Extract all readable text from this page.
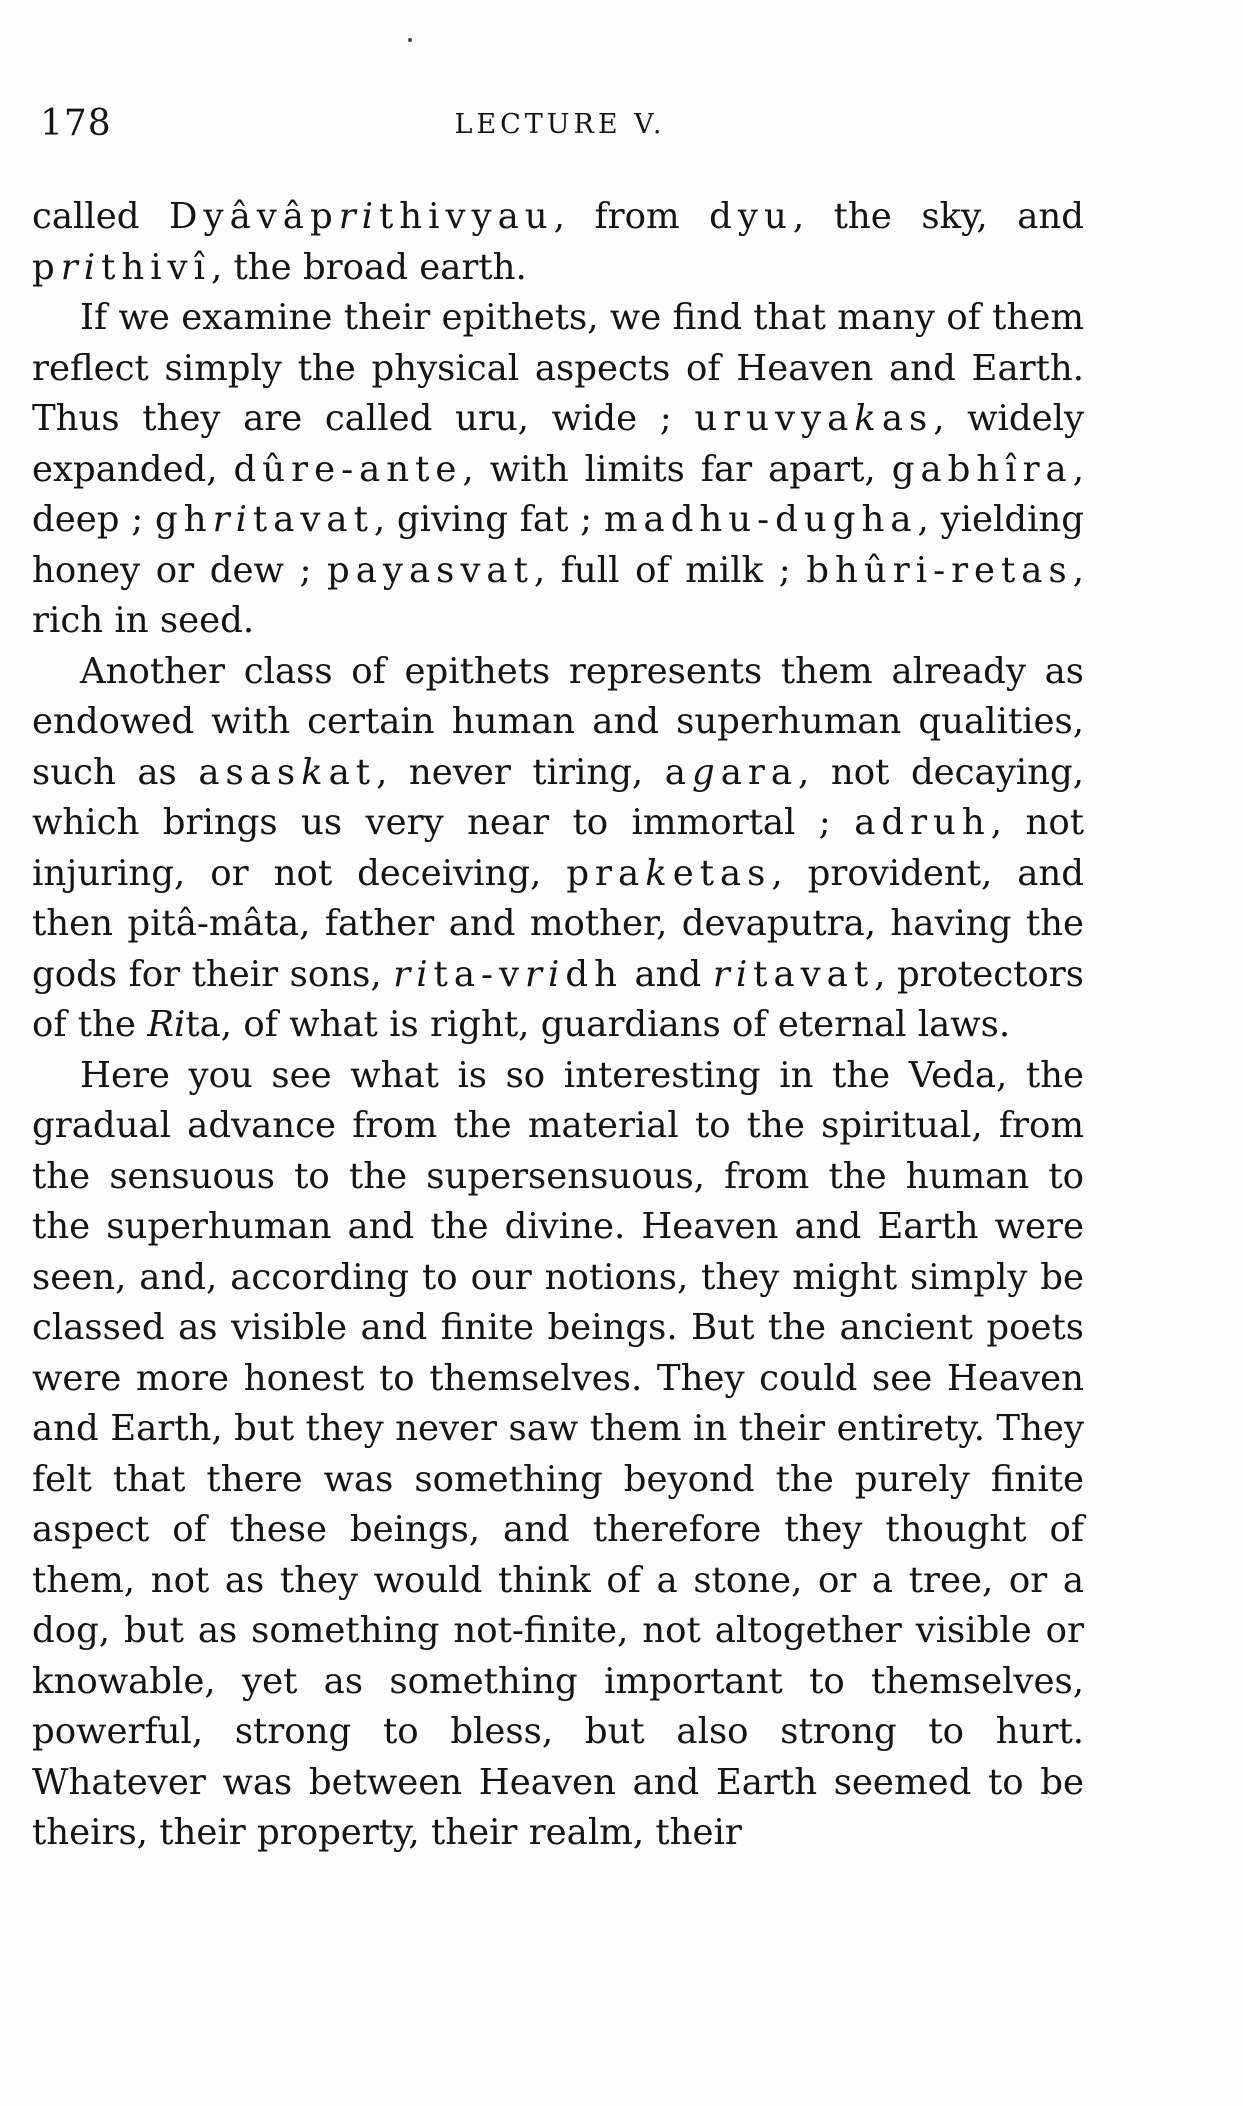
178	LECTURE V.

called Dyâvâprithivyau, from dyu, the sky, and prithivî, the broad earth.

If we examine their epithets, we find that many of them reflect simply the physical aspects of Heaven and Earth. Thus they are called uru, wide ; uruvyakas, widely expanded, dûre-ante, with limits far apart, gabhîra, deep ; ghritavat, giving fat ; madhu-dugha, yielding honey or dew ; payasvat, full of milk ; bhûri-retas, rich in seed.

Another class of epithets represents them already as endowed with certain human and superhuman qualities, such as asaskat, never tiring, agara, not decaying, which brings us very near to immortal ; adruh, not injuring, or not deceiving, praketas, provident, and then pitâ-mâta, father and mother, devaputra, having the gods for their sons, rita-vridh and ritavat, protectors of the Rita, of what is right, guardians of eternal laws.

Here you see what is so interesting in the Veda, the gradual advance from the material to the spiritual, from the sensuous to the supersensuous, from the human to the superhuman and the divine. Heaven and Earth were seen, and, according to our notions, they might simply be classed as visible and finite beings. But the ancient poets were more honest to themselves. They could see Heaven and Earth, but they never saw them in their entirety. They felt that there was something beyond the purely finite aspect of these beings, and therefore they thought of them, not as they would think of a stone, or a tree, or a dog, but as something not-finite, not altogether visible or knowable, yet as something important to themselves, powerful, strong to bless, but also strong to hurt. Whatever was between Heaven and Earth seemed to be theirs, their property, their realm, their
